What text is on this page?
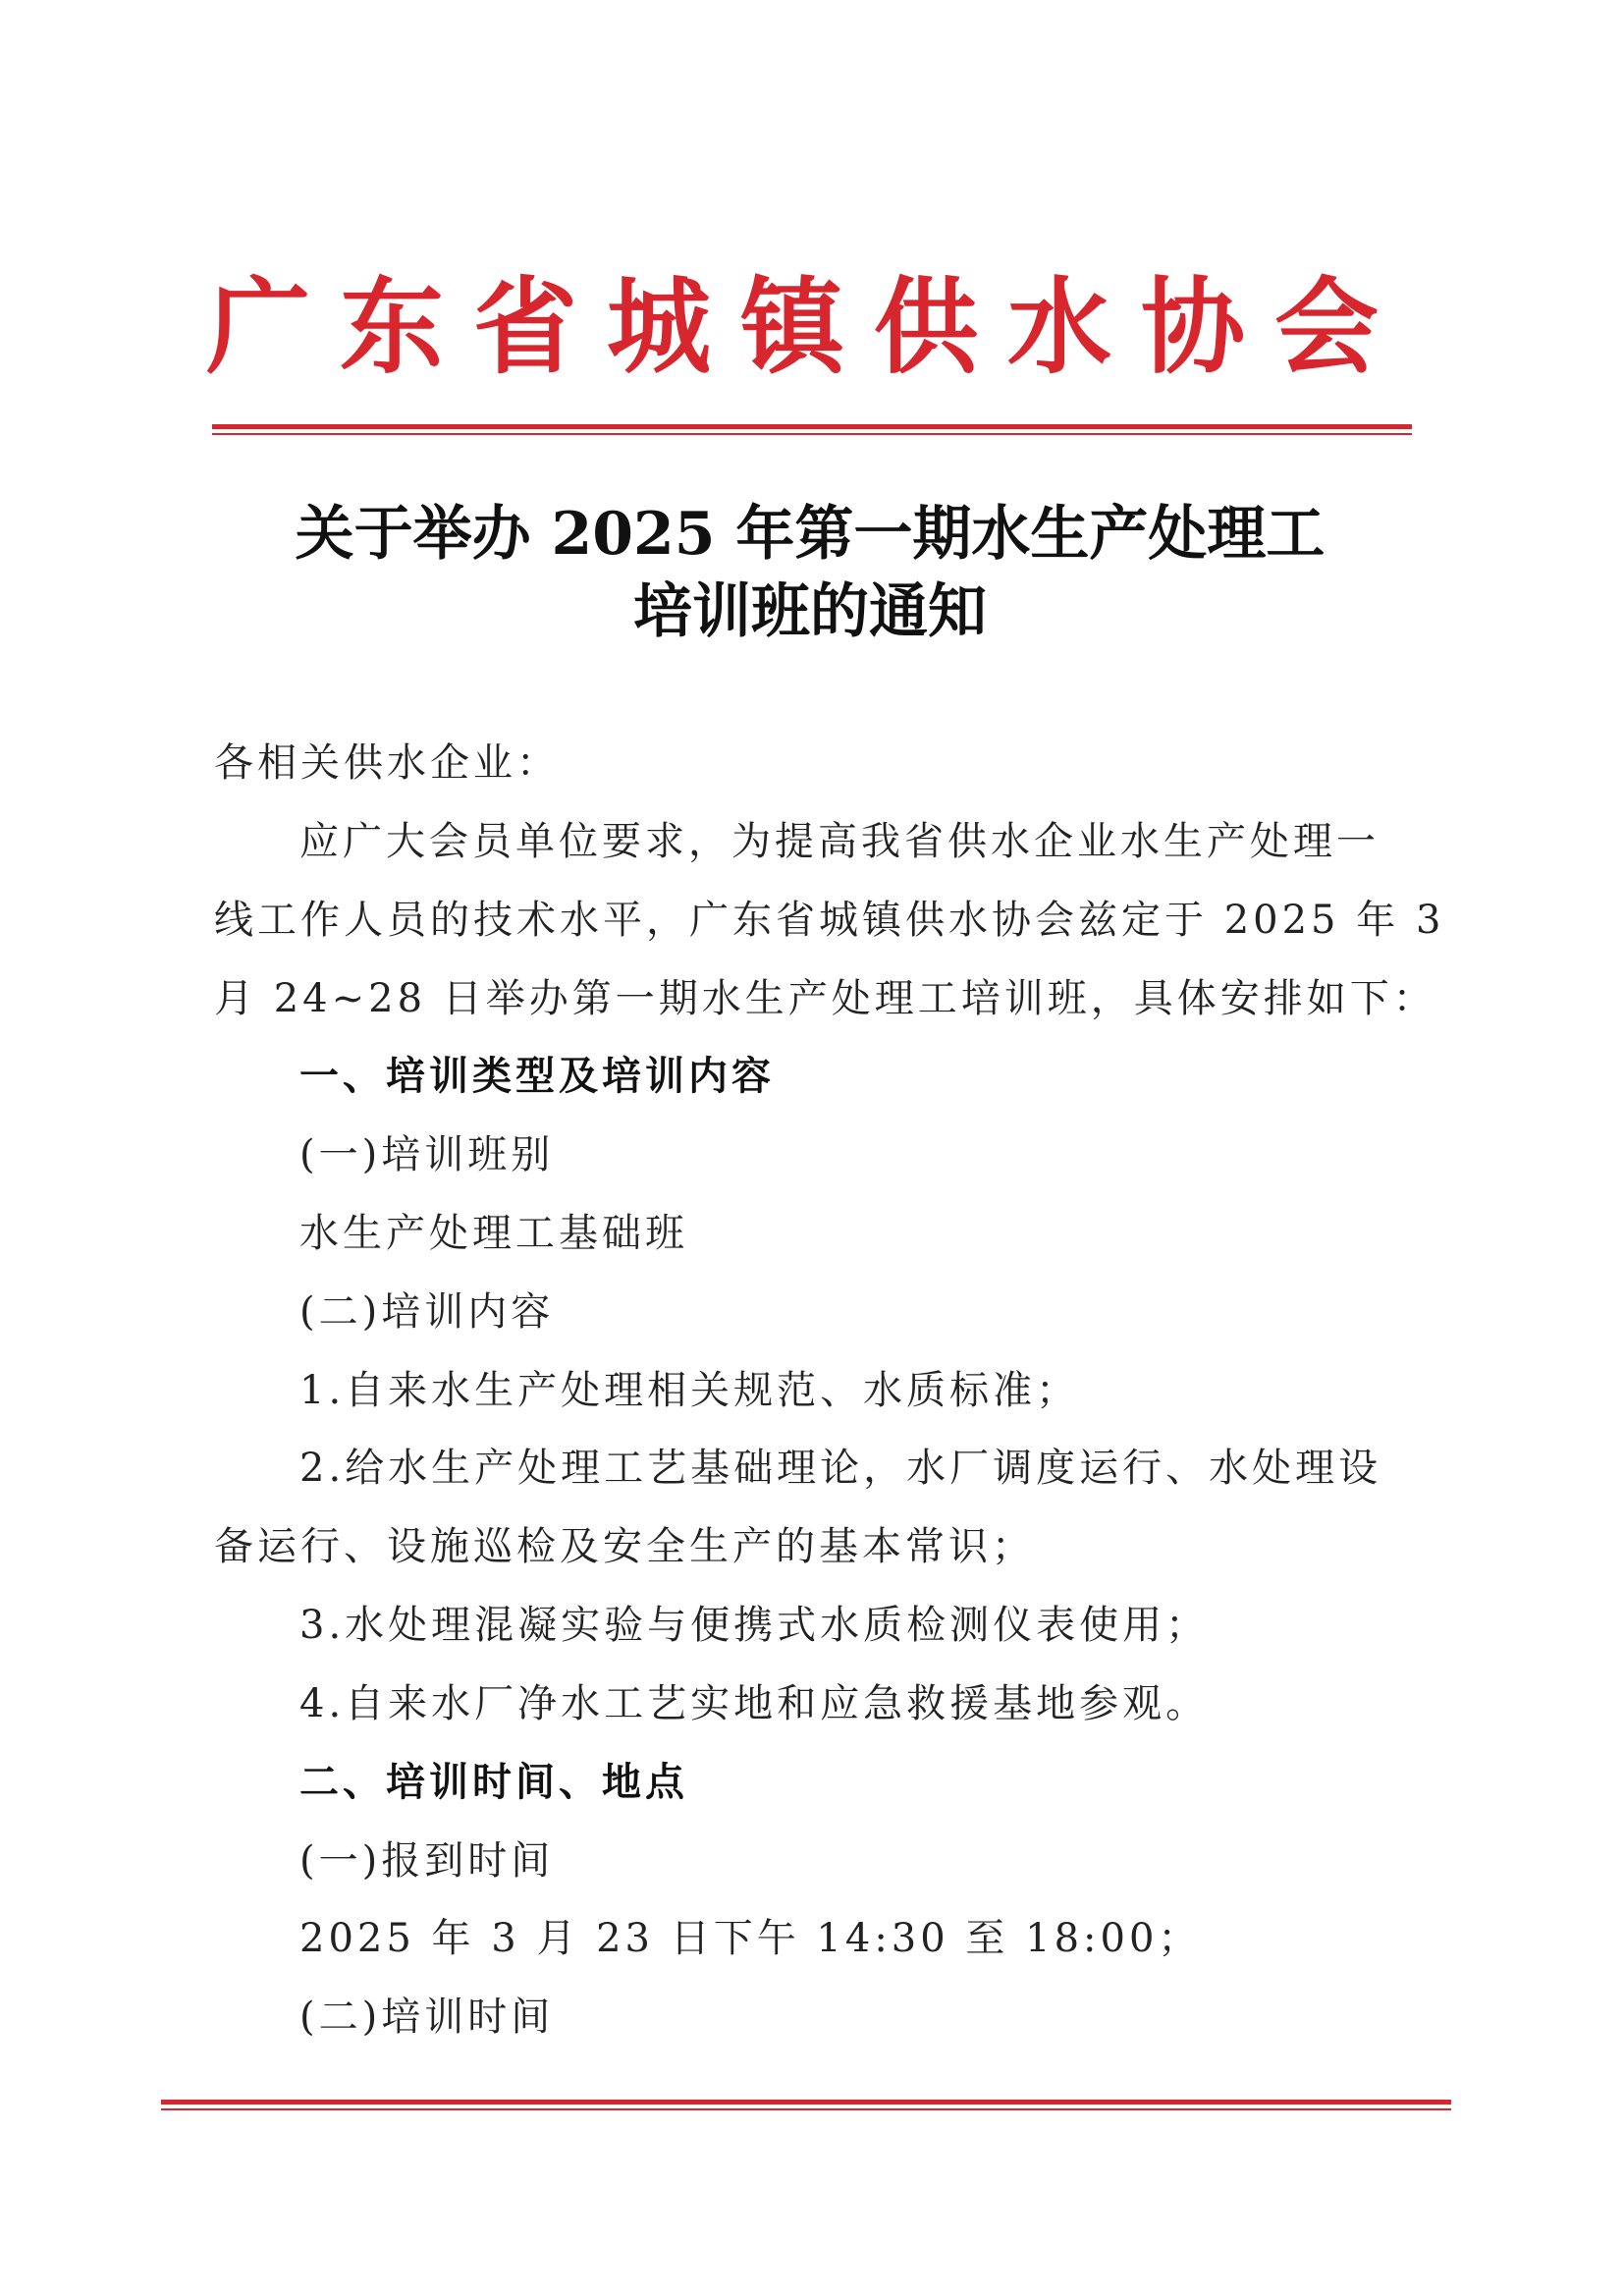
广东省城镇供水协会
关于举办 2025 年第一期水生产处理工
培训班的通知
各相关供水企业：
应广大会员单位要求，为提高我省供水企业水生产处理一
线工作人员的技术水平，广东省城镇供水协会兹定于 2025 年 3
月 24~28 日举办第一期水生产处理工培训班，具体安排如下：
一、培训类型及培训内容
(一)培训班别
水生产处理工基础班
(二)培训内容
1.自来水生产处理相关规范、水质标准；
2.给水生产处理工艺基础理论，水厂调度运行、水处理设
备运行、设施巡检及安全生产的基本常识；
3.水处理混凝实验与便携式水质检测仪表使用；
4.自来水厂净水工艺实地和应急救援基地参观。
二、培训时间、地点
(一)报到时间
2025 年 3 月 23 日下午 14:30 至 18:00；
(二)培训时间
